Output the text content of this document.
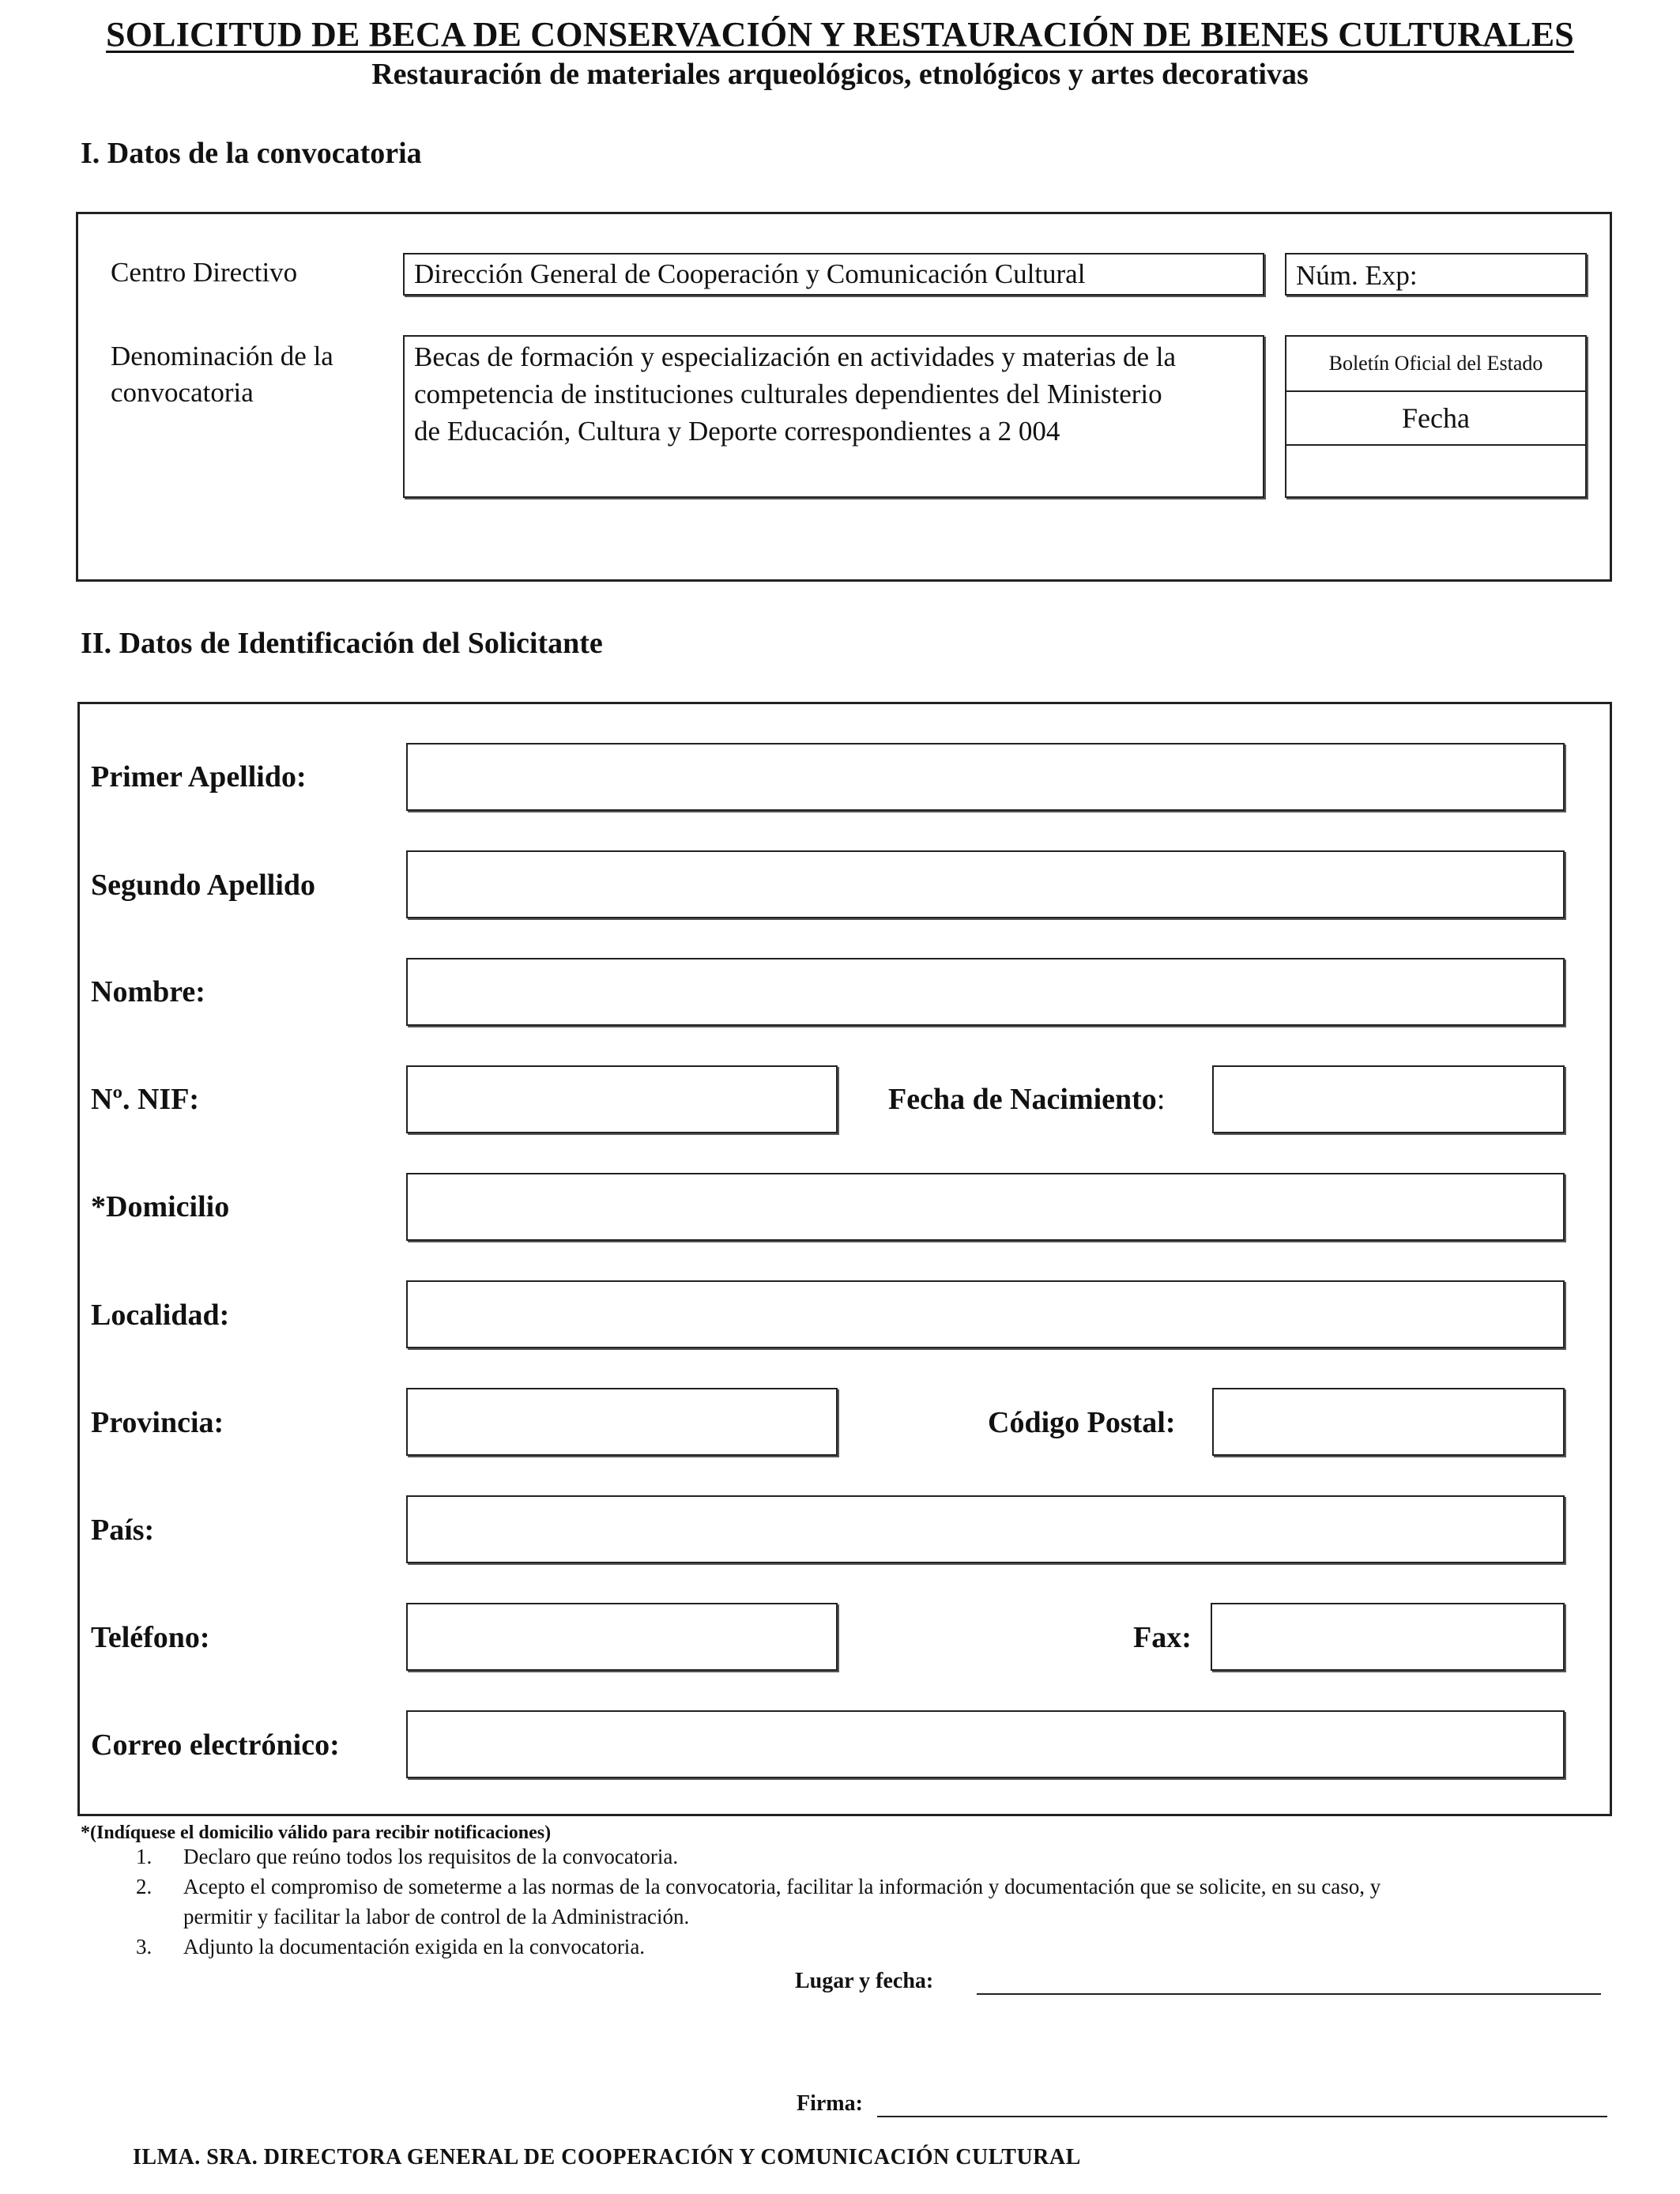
SOLICITUD DE BECA DE CONSERVACIÓN Y RESTAURACIÓN DE BIENES CULTURALES
Restauración de materiales arqueológicos, etnológicos y artes decorativas
I. Datos de la convocatoria
Centro Directivo	Dirección General de Cooperación y Comunicación Cultural	Núm. Exp:
Denominación de la
convocatoria
Becas de formación y especialización en actividades y materias de la
competencia de instituciones culturales dependientes del Ministerio
de Educación, Cultura y Deporte correspondientes a 2 004
Boletín Oficial del Estado
Fecha
II. Datos de Identificación del Solicitante
Primer Apellido:
Segundo Apellido
Nombre:
Nº. NIF:	Fecha de Nacimiento:
*Domicilio
Localidad:
Provincia:	Código Postal:
País:
Teléfono:	Fax:
Correo electrónico:
*(Indíquese el domicilio válido para recibir notificaciones)
1.	Declaro que reúno todos los requisitos de la convocatoria.
2.	Acepto el compromiso de someterme a las normas de la convocatoria, facilitar la información y documentación que se solicite, en su caso, y
permitir y facilitar la labor de control de la Administración.
3.	Adjunto la documentación exigida en la convocatoria.
Lugar y fecha:
Firma:
ILMA. SRA. DIRECTORA GENERAL DE COOPERACIÓN Y COMUNICACIÓN CULTURAL
